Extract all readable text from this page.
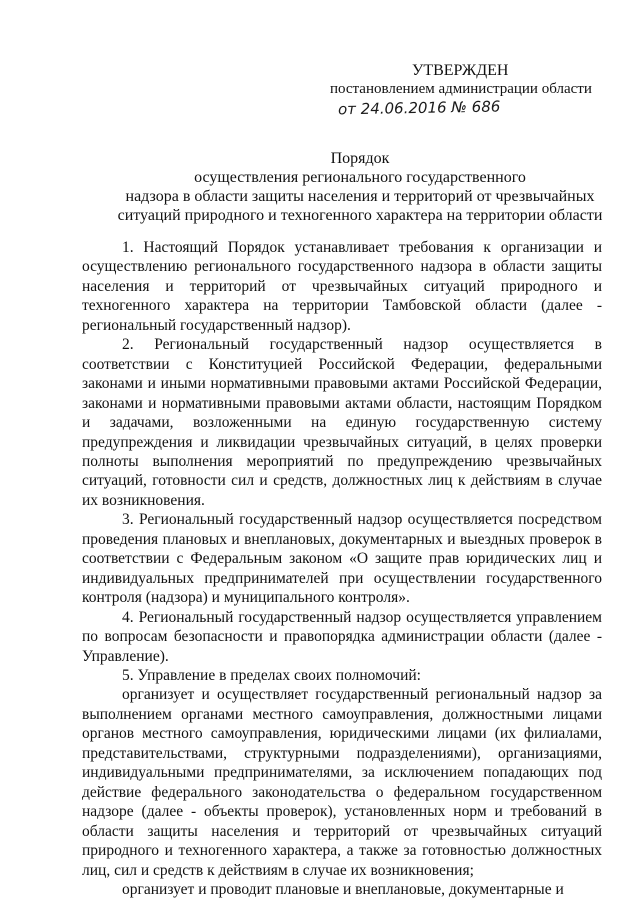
УТВЕРЖДЕН
постановлением администрации области
от 24.06.2016 № 686
Порядок
осуществления регионального государственного
надзора в области защиты населения и территорий от чрезвычайных
ситуаций природного и техногенного характера на территории области

1. Настоящий Порядок устанавливает требования к организации и осуществлению регионального государственного надзора в области защиты населения и территорий от чрезвычайных ситуаций природного и техногенного характера на территории Тамбовской области (далее - региональный государственный надзор).

2. Региональный государственный надзор осуществляется в соответствии с Конституцией Российской Федерации, федеральными законами и иными нормативными правовыми актами Российской Федерации, законами и нормативными правовыми актами области, настоящим Порядком и задачами, возложенными на единую государственную систему предупреждения и ликвидации чрезвычайных ситуаций, в целях проверки полноты выполнения мероприятий по предупреждению чрезвычайных ситуаций, готовности сил и средств, должностных лиц к действиям в случае их возникновения.

3. Региональный государственный надзор осуществляется посредством проведения плановых и внеплановых, документарных и выездных проверок в соответствии с Федеральным законом «О защите прав юридических лиц и индивидуальных предпринимателей при осуществлении государственного контроля (надзора) и муниципального контроля».

4. Региональный государственный надзор осуществляется управлением по вопросам безопасности и правопорядка администрации области (далее - Управление).

5. Управление в пределах своих полномочий:

организует и осуществляет государственный региональный надзор за выполнением органами местного самоуправления, должностными лицами органов местного самоуправления, юридическими лицами (их филиалами, представительствами, структурными подразделениями), организациями, индивидуальными предпринимателями, за исключением попадающих под действие федерального законодательства о федеральном государственном надзоре (далее - объекты проверок), установленных норм и требований в области защиты населения и территорий от чрезвычайных ситуаций природного и техногенного характера, а также за готовностью должностных лиц, сил и средств к действиям в случае их возникновения;

организует и проводит плановые и внеплановые, документарные и
